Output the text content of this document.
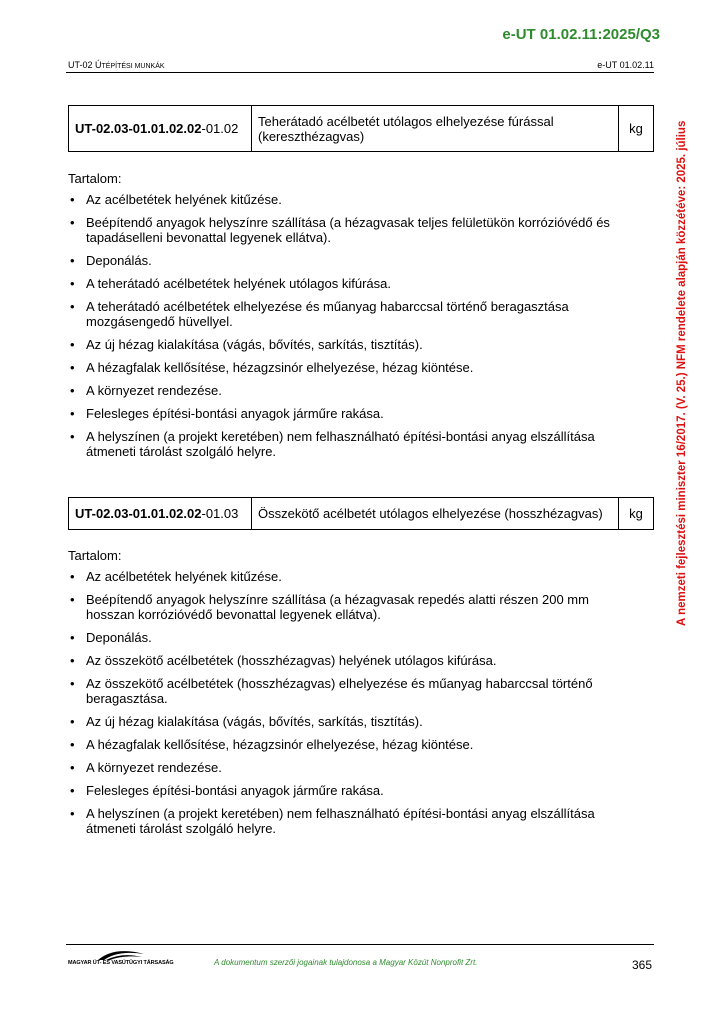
e-UT 01.02.11:2025/Q3
UT-02 ÚTÉPÍTÉSI MUNKÁK	e-UT 01.02.11
A nemzeti fejlesztési miniszter 16/2017. (V. 25.) NFM rendelete alapján közzétéve: 2025. július
UT-02.03-01.01.02.02-01.02	Teherátadó acélbetét utólagos elhelyezése fúrással (kereszthézagvas)	kg
Tartalom:
• Az acélbetétek helyének kitűzése.
• Beépítendő anyagok helyszínre szállítása (a hézagvasak teljes felületükön korrózióvédő és tapadáselleni bevonattal legyenek ellátva).
• Deponálás.
• A teherátadó acélbetétek helyének utólagos kifúrása.
• A teherátadó acélbetétek elhelyezése és műanyag habarccsal történő beragasztása mozgásengedő hüvellyel.
• Az új hézag kialakítása (vágás, bővítés, sarkítás, tisztítás).
• A hézagfalak kellősítése, hézagzsinór elhelyezése, hézag kiöntése.
• A környezet rendezése.
• Felesleges építési-bontási anyagok járműre rakása.
• A helyszínen (a projekt keretében) nem felhasználható építési-bontási anyag elszállítása átmeneti tárolást szolgáló helyre.
UT-02.03-01.01.02.02-01.03	Összekötő acélbetét utólagos elhelyezése (hosszhézagvas)	kg
Tartalom:
• Az acélbetétek helyének kitűzése.
• Beépítendő anyagok helyszínre szállítása (a hézagvasak repedés alatti részen 200 mm hosszan korrózióvédő bevonattal legyenek ellátva).
• Deponálás.
• Az összekötő acélbetétek (hosszhézagvas) helyének utólagos kifúrása.
• Az összekötő acélbetétek (hosszhézagvas) elhelyezése és műanyag habarccsal történő beragasztása.
• Az új hézag kialakítása (vágás, bővítés, sarkítás, tisztítás).
• A hézagfalak kellősítése, hézagzsinór elhelyezése, hézag kiöntése.
• A környezet rendezése.
• Felesleges építési-bontási anyagok járműre rakása.
• A helyszínen (a projekt keretében) nem felhasználható építési-bontási anyag elszállítása átmeneti tárolást szolgáló helyre.
MAGYAR ÚT- ÉS VASÚTÜGYI TÁRSASÁG	A dokumentum szerzői jogainak tulajdonosa a Magyar Közút Nonprofit Zrt.	365
